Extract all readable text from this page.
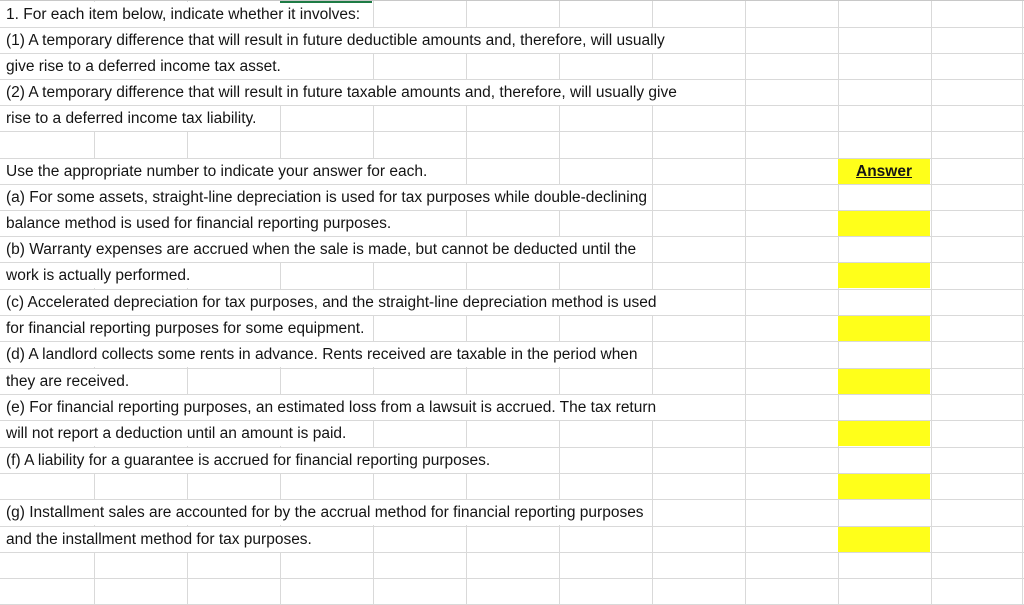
1. For each item below, indicate whether it involves:
(1) A temporary difference that will result in future deductible amounts and, therefore, will usually
give rise to a deferred income tax asset.
(2) A temporary difference that will result in future taxable amounts and, therefore, will usually give
rise to a deferred income tax liability.
Use the appropriate number to indicate your answer for each.
(a) For some assets, straight-line depreciation is used for tax purposes while double-declining
balance method is used for financial reporting purposes.
(b) Warranty expenses are accrued when the sale is made, but cannot be deducted until the
work is actually performed.
(c) Accelerated depreciation for tax purposes, and the straight-line depreciation method is used
for financial reporting purposes for some equipment.
(d) A landlord collects some rents in advance. Rents received are taxable in the period when
they are received.
(e) For financial reporting purposes, an estimated loss from a lawsuit is accrued. The tax return
will not report a deduction until an amount is paid.
(f) A liability for a guarantee is accrued for financial reporting purposes.
(g) Installment sales are accounted for by the accrual method for financial reporting purposes
and the installment method for tax purposes.
Answer
